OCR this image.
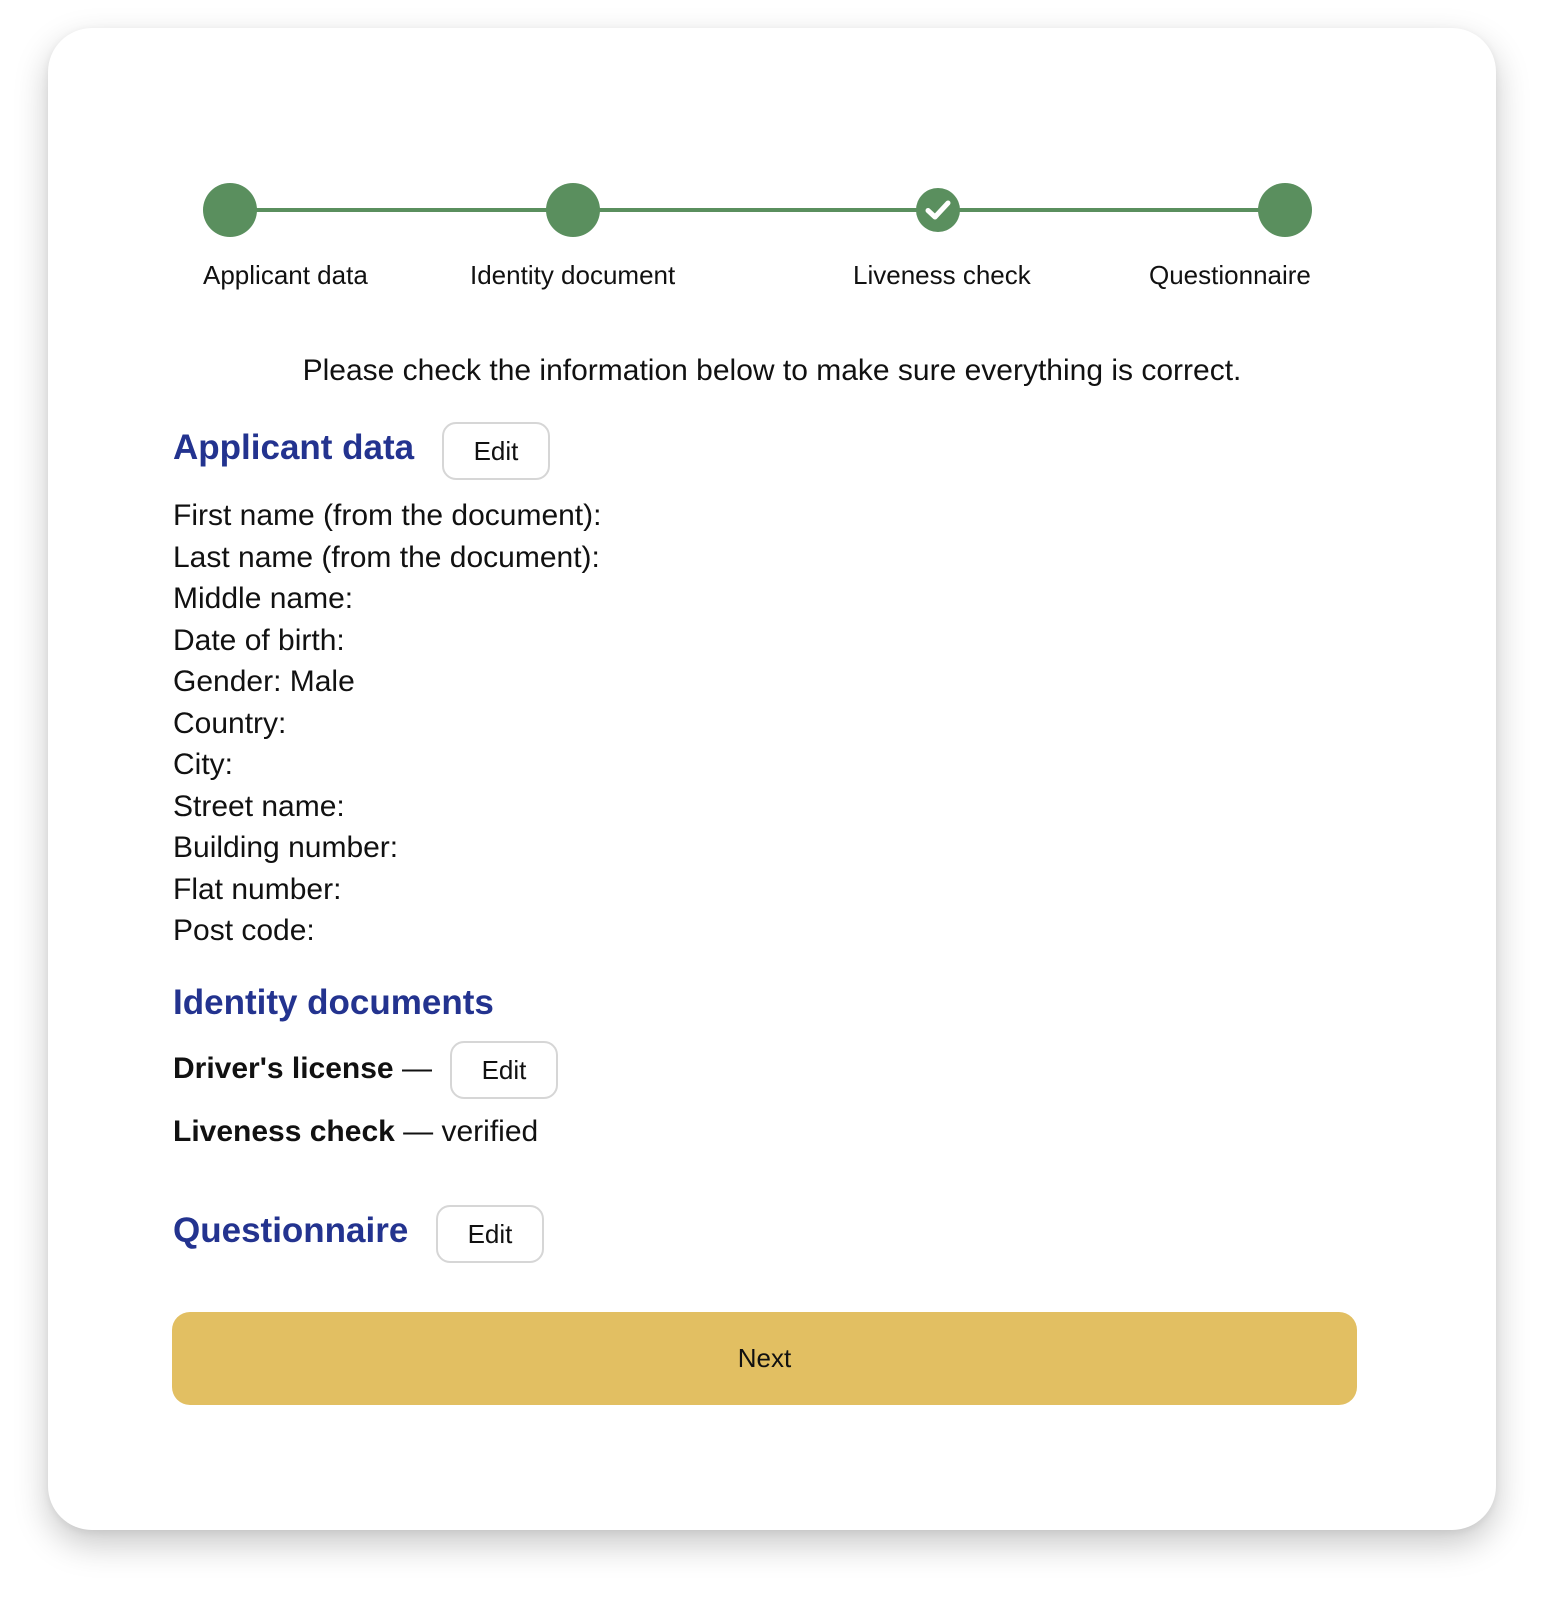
Applicant data	Identity document	Liveness check	Questionnaire
Please check the information below to make sure everything is correct.
Applicant data	Edit
First name (from the document):
Last name (from the document):
Middle name:
Date of birth:
Gender: Male
Country:
City:
Street name:
Building number:
Flat number:
Post code:
Identity documents
Driver's license —	Edit
Liveness check — verified
Questionnaire	Edit
Next
